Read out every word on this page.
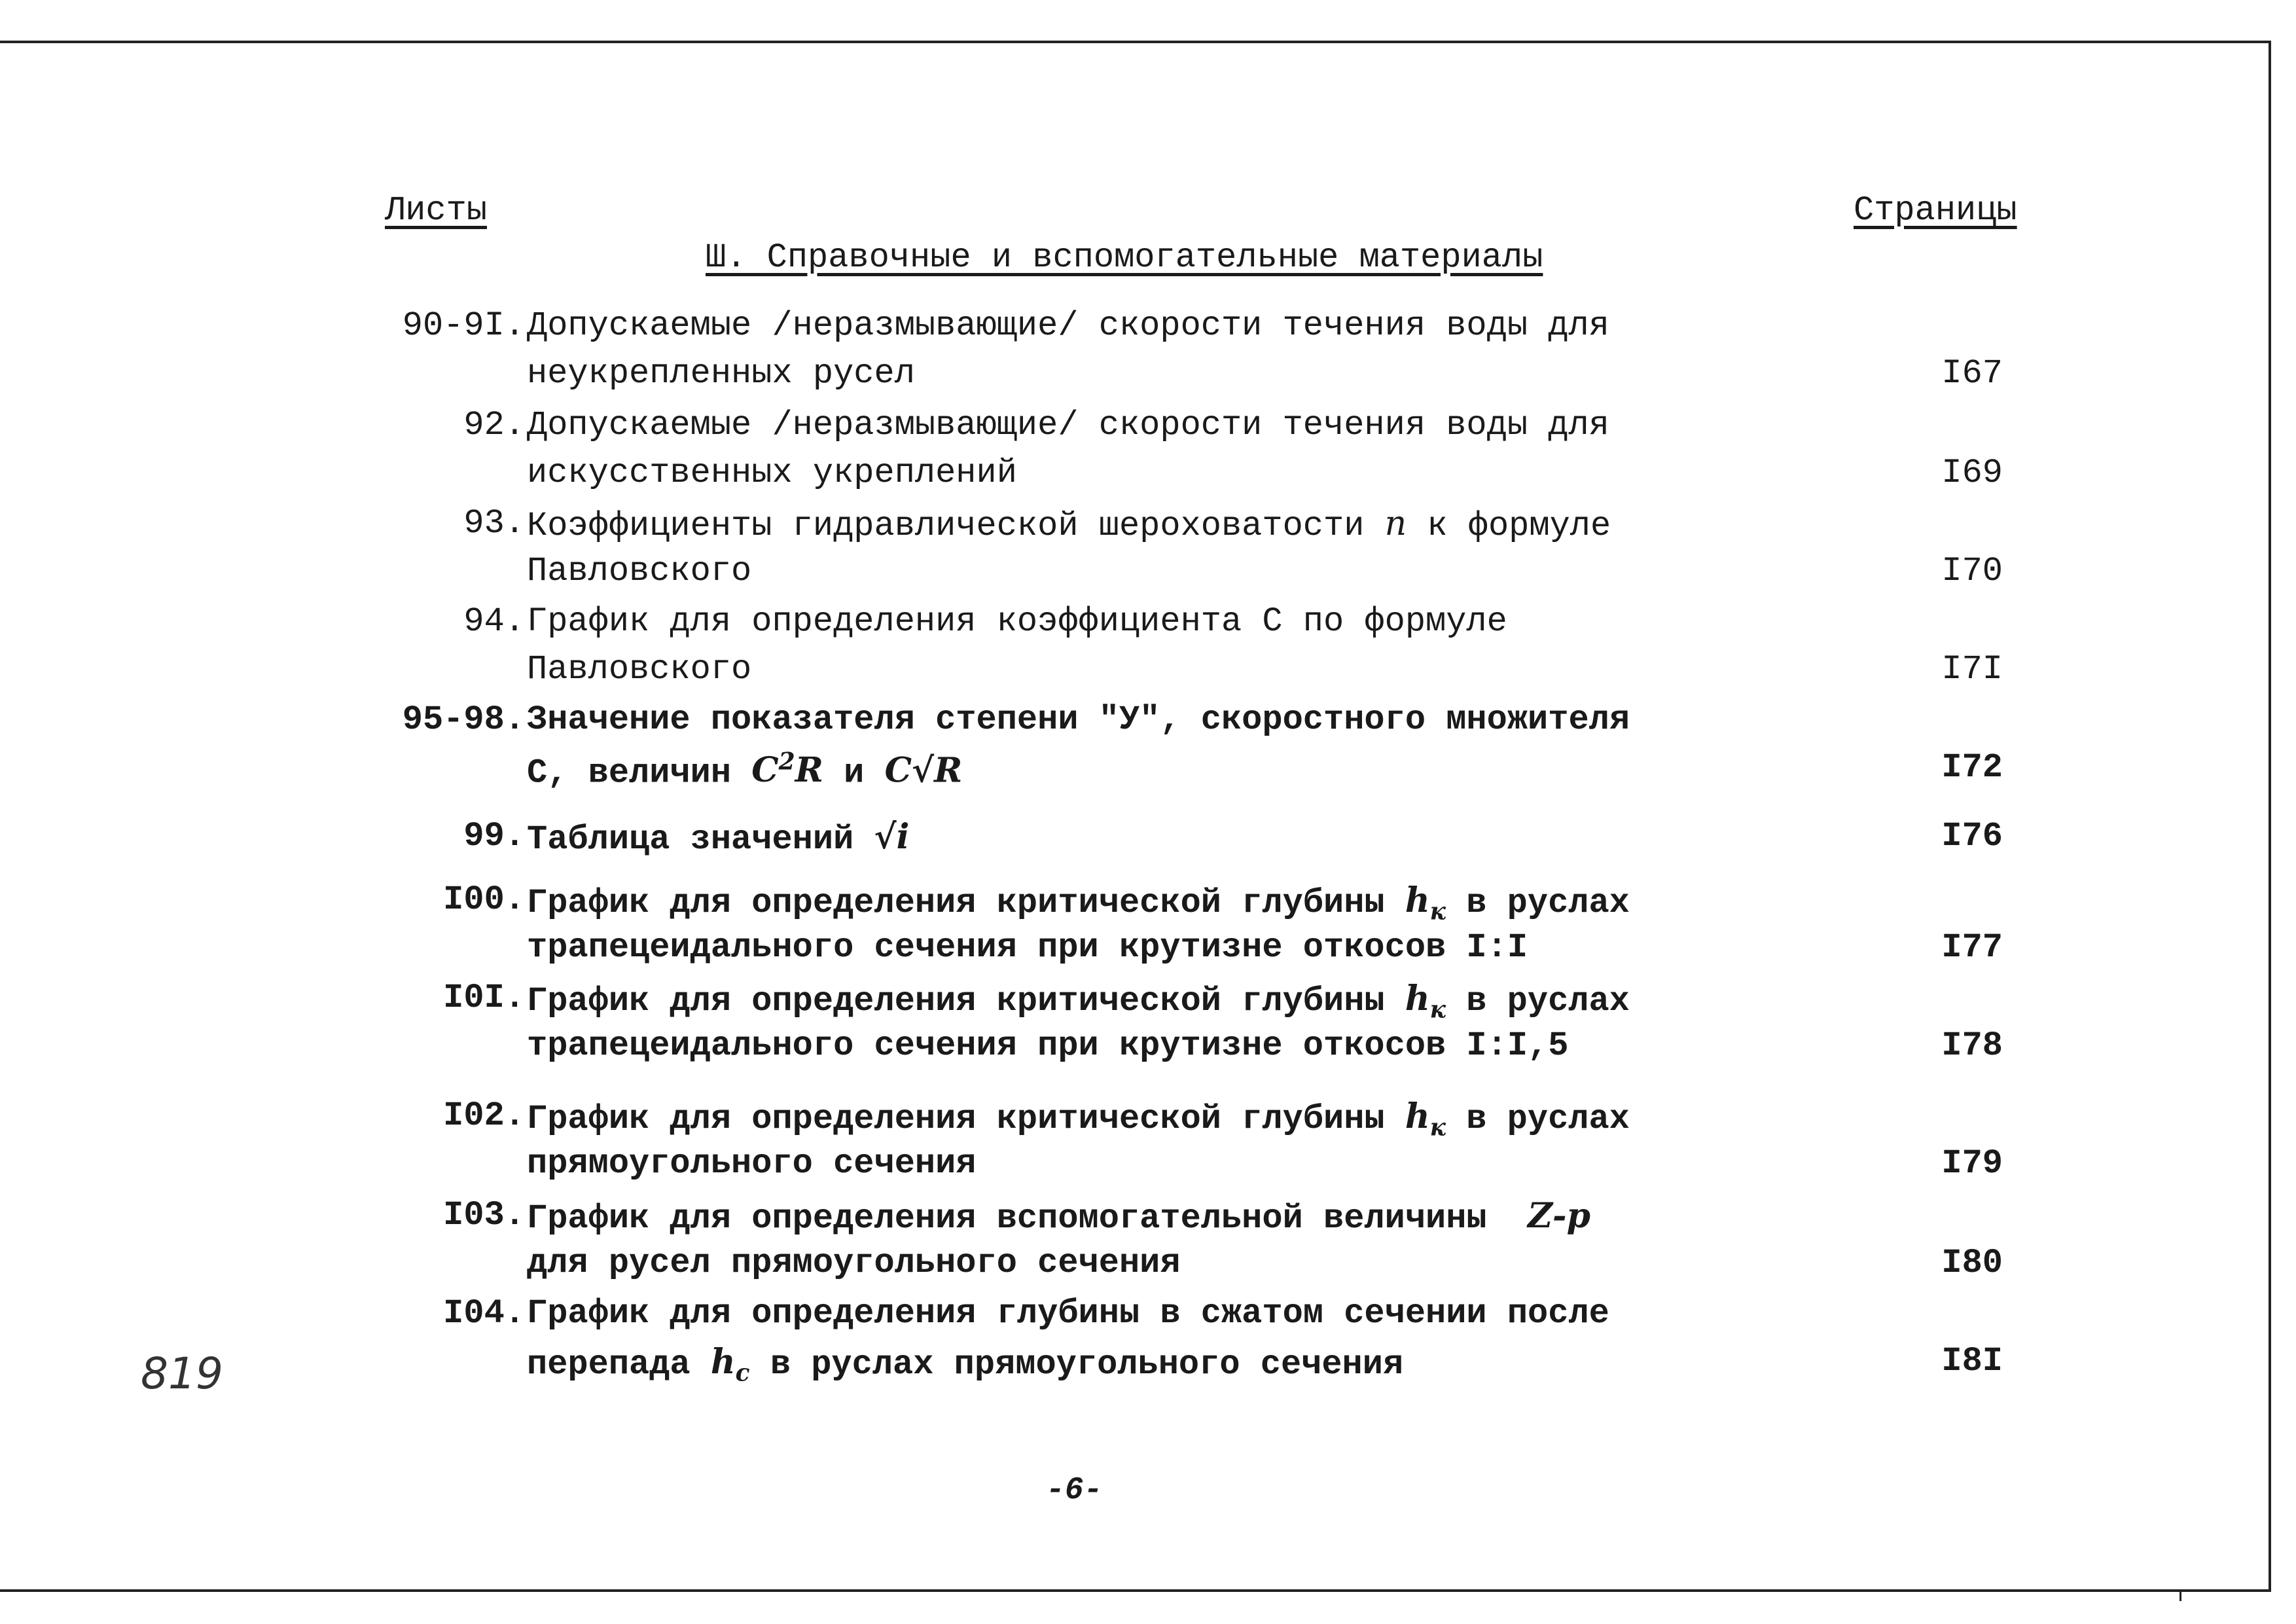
Листы	Страницы
Ш. Справочные и вспомогательные материалы
90-9I. Допускаемые /неразмывающие/ скорости течения воды для
неукрепленных русел	I67
92. Допускаемые /неразмывающие/ скорости течения воды для
искусственных укреплений	I69
93. Коэффициенты гидравлической шероховатости n к формуле
Павловского	I70
94. График для определения коэффициента С по формуле
Павловского	I7I
95-98. Значение показателя степени "У", скоростного множителя
С, величин $С^2R$ и С√R	I72
99. Таблица значений √i	I76
I00. График для определения критической глубины $h_к$ в руслах
трапецеидального сечения при крутизне откосов I:I	I77
I0I. График для определения критической глубины $h_к$ в руслах
трапецеидального сечения при крутизне откосов I:I,5	I78
I02. График для определения критической глубины $h_к$ в руслах
прямоугольного сечения	I79
I03. График для определения вспомогательной величины Z-p
для русел прямоугольного сечения	I80
I04. График для определения глубины в сжатом сечении после
перепада $h_c$ в руслах прямоугольного сечения	I8I
819
-6-
